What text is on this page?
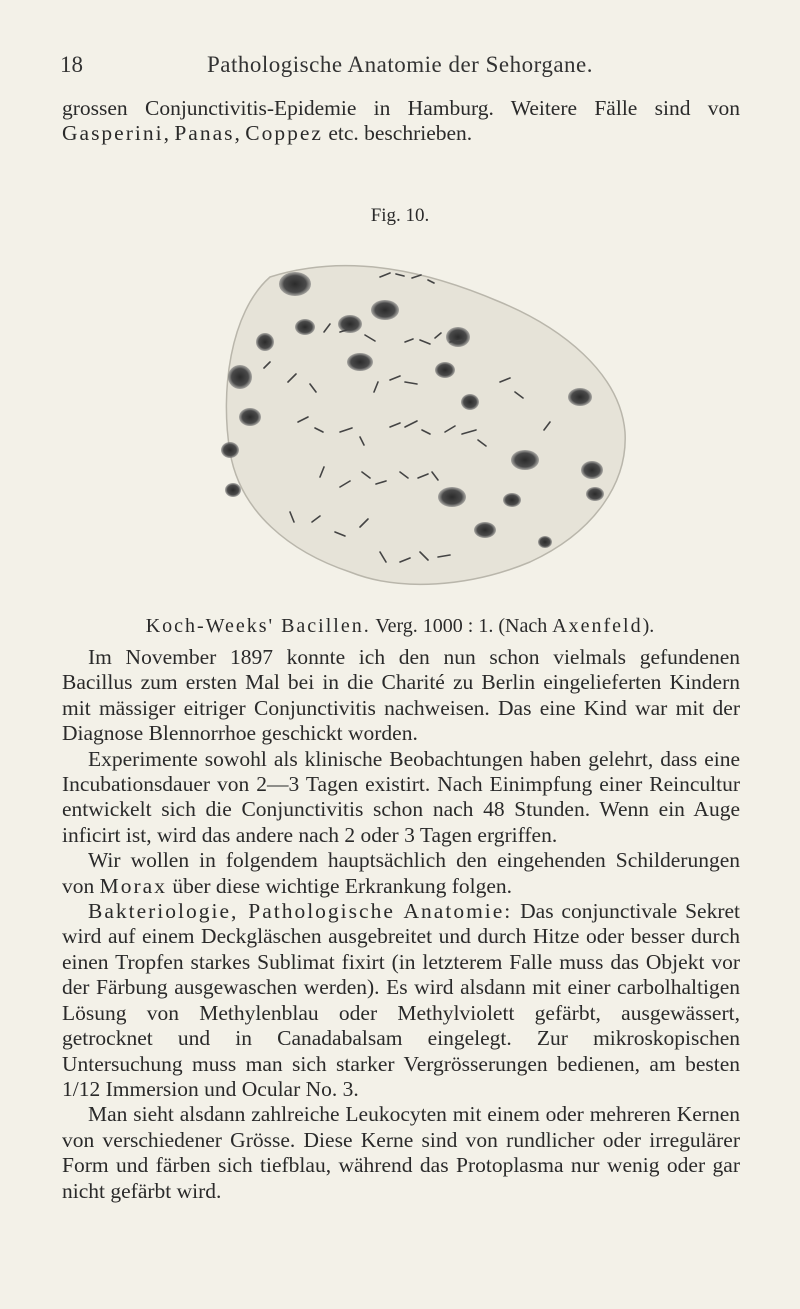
18	Pathologische Anatomie der Sehorgane.

grossen Conjunctivitis-Epidemie in Hamburg. Weitere Fälle sind von Gasperini, Panas, Coppez etc. beschrieben.

Fig. 10.
Koch-Weeks' Bacillen. Verg. 1000 : 1. (Nach Axenfeld).

Im November 1897 konnte ich den nun schon vielmals gefundenen Bacillus zum ersten Mal bei in die Charité zu Berlin eingelieferten Kindern mit mässiger eitriger Conjunctivitis nachweisen. Das eine Kind war mit der Diagnose Blennorrhoe geschickt worden.

Experimente sowohl als klinische Beobachtungen haben gelehrt, dass eine Incubationsdauer von 2—3 Tagen existirt. Nach Einimpfung einer Reincultur entwickelt sich die Conjunctivitis schon nach 48 Stunden. Wenn ein Auge inficirt ist, wird das andere nach 2 oder 3 Tagen ergriffen.

Wir wollen in folgendem hauptsächlich den eingehenden Schilderungen von Morax über diese wichtige Erkrankung folgen.

Bakteriologie, Pathologische Anatomie: Das conjunctivale Sekret wird auf einem Deckgläschen ausgebreitet und durch Hitze oder besser durch einen Tropfen starkes Sublimat fixirt (in letzterem Falle muss das Objekt vor der Färbung ausgewaschen werden). Es wird alsdann mit einer carbolhaltigen Lösung von Methylenblau oder Methylviolett gefärbt, ausgewässert, getrocknet und in Canadabalsam eingelegt. Zur mikroskopischen Untersuchung muss man sich starker Vergrösserungen bedienen, am besten 1/12 Immersion und Ocular No. 3.

Man sieht alsdann zahlreiche Leukocyten mit einem oder mehreren Kernen von verschiedener Grösse. Diese Kerne sind von rundlicher oder irregulärer Form und färben sich tiefblau, während das Protoplasma nur wenig oder gar nicht gefärbt wird.
